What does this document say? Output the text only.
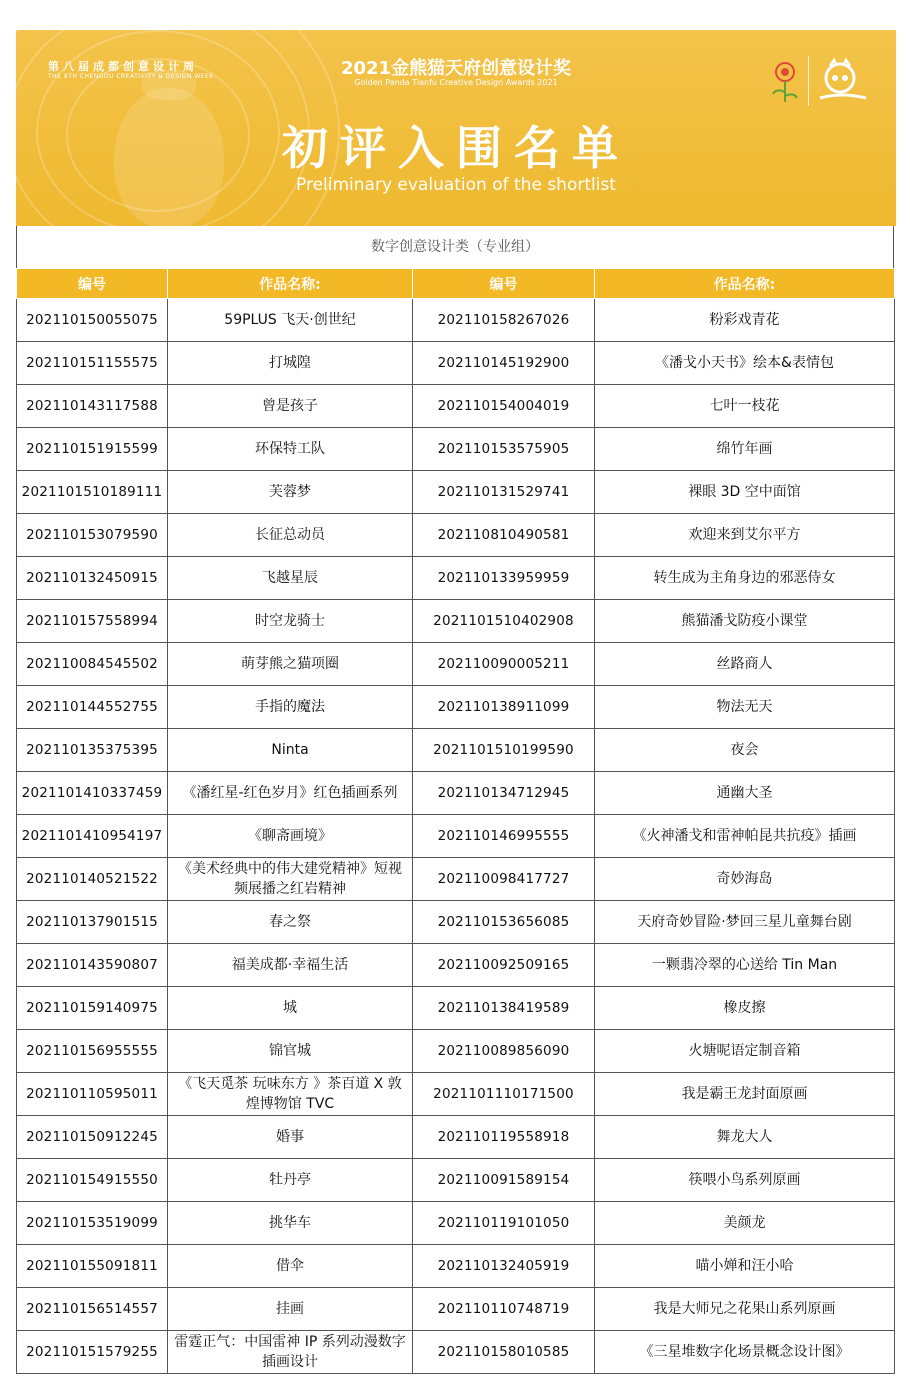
第八届成都创意设计周
THE 8TH CHENGDU CREATIVITY & DESIGN WEEK	2021金熊猫天府创意设计奖
Golden Panda Tianfu Creative Design Awards 2021
初评入围名单
Preliminary evaluation of the shortlist
数字创意设计类（专业组）
编号	作品名称:	编号	作品名称:
202110150055075	59PLUS 飞天·创世纪	202110158267026	粉彩戏青花
202110151155575	打城隍	202110145192900	《潘戈小天书》绘本&表情包
202110143117588	曾是孩子	202110154004019	七叶一枝花
202110151915599	环保特工队	202110153575905	绵竹年画
2021101510189111	芙蓉梦	202110131529741	裸眼 3D 空中面馆
202110153079590	长征总动员	202110810490581	欢迎来到艾尔平方
202110132450915	飞越星辰	202110133959959	转生成为主角身边的邪恶侍女
202110157558994	时空龙骑士	2021101510402908	熊猫潘戈防疫小课堂
202110084545502	萌芽熊之猫项圈	202110090005211	丝路商人
202110144552755	手指的魔法	202110138911099	物法无天
202110135375395	Ninta	2021101510199590	夜会
2021101410337459	《潘红星-红色岁月》红色插画系列	202110134712945	通幽大圣
2021101410954197	《聊斋画境》	202110146995555	《火神潘戈和雷神帕昆共抗疫》插画
202110140521522	《美术经典中的伟大建党精神》短视频展播之红岩精神	202110098417727	奇妙海岛
202110137901515	春之祭	202110153656085	天府奇妙冒险·梦回三星儿童舞台剧
202110143590807	福美成都·幸福生活	202110092509165	一颗翡冷翠的心送给 Tin Man
202110159140975	城	202110138419589	橡皮擦
202110156955555	锦官城	202110089856090	火塘呢语定制音箱
202110110595011	《飞天觅茶 玩味东方 》茶百道 X 敦煌博物馆 TVC	2021101110171500	我是霸王龙封面原画
202110150912245	婚事	202110119558918	舞龙大人
202110154915550	牡丹亭	202110091589154	筷喂小鸟系列原画
202110153519099	挑华车	202110119101050	美颜龙
202110155091811	借伞	202110132405919	喵小婵和汪小哈
202110156514557	挂画	202110110748719	我是大师兄之花果山系列原画
202110151579255	雷霆正气：中国雷神 IP 系列动漫数字插画设计	202110158010585	《三星堆数字化场景概念设计图》
